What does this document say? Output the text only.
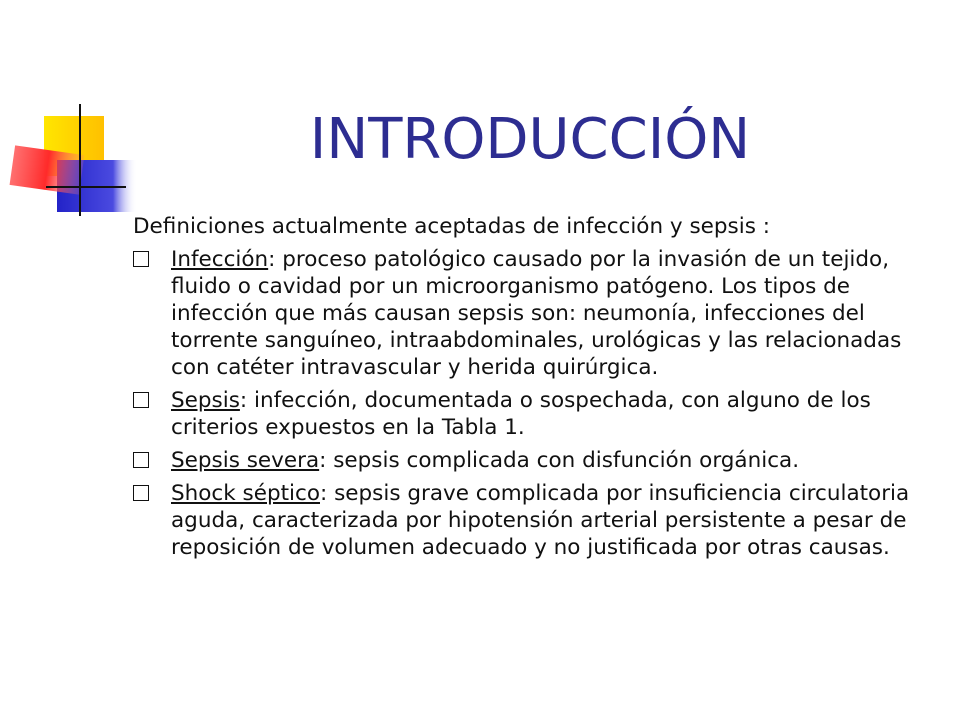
INTRODUCCIÓN
Definiciones actualmente aceptadas de infección y sepsis :
Infección: proceso patológico causado por la invasión de un tejido, fluido o cavidad por un microorganismo patógeno. Los tipos de infección que más causan sepsis son: neumonía, infecciones del torrente sanguíneo, intraabdominales, urológicas y las relacionadas con catéter intravascular y herida quirúrgica.
Sepsis: infección, documentada o sospechada, con alguno de los criterios expuestos en la Tabla 1.
Sepsis severa: sepsis complicada con disfunción orgánica.
Shock séptico: sepsis grave complicada por insuficiencia circulatoria aguda, caracterizada por hipotensión arterial persistente a pesar de reposición de volumen adecuado y no justificada por otras causas.
